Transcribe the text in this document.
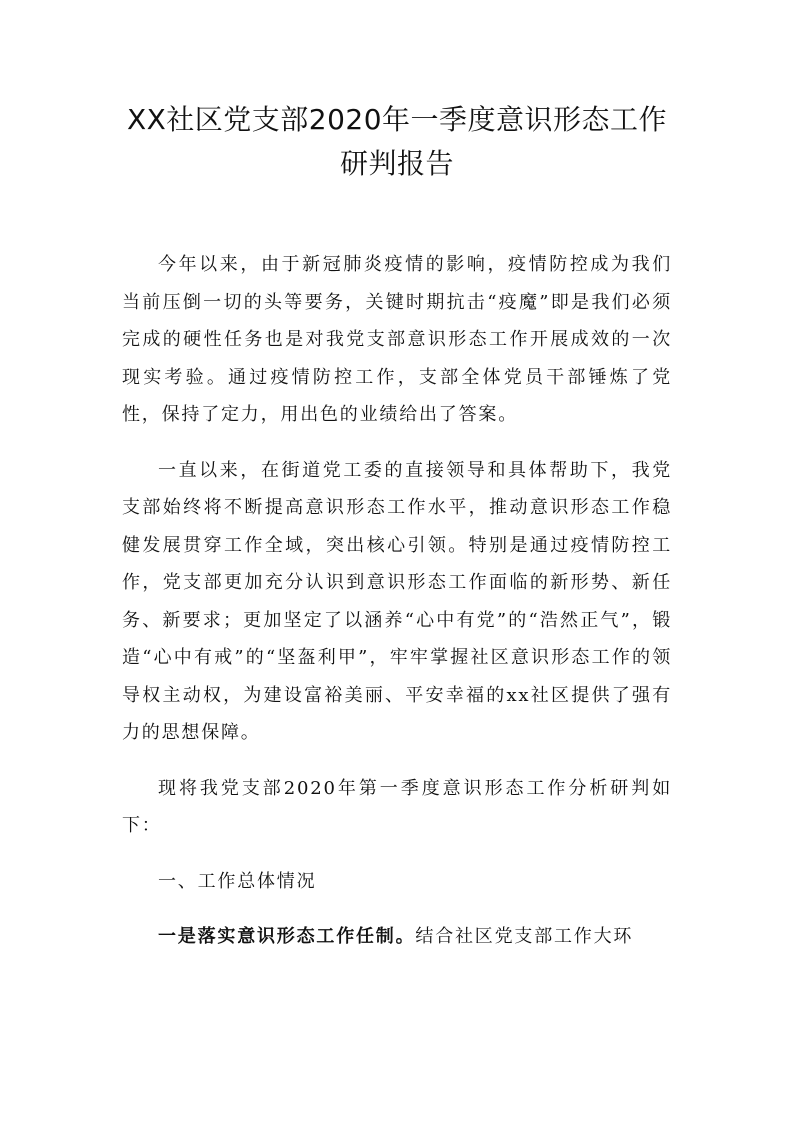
XX社区党支部2020年一季度意识形态工作
研判报告

今年以来，由于新冠肺炎疫情的影响，疫情防控成为我们当前压倒一切的头等要务，关键时期抗击“疫魔”即是我们必须完成的硬性任务也是对我党支部意识形态工作开展成效的一次现实考验。通过疫情防控工作，支部全体党员干部锤炼了党性，保持了定力，用出色的业绩给出了答案。

一直以来，在街道党工委的直接领导和具体帮助下，我党支部始终将不断提高意识形态工作水平，推动意识形态工作稳健发展贯穿工作全域，突出核心引领。特别是通过疫情防控工作，党支部更加充分认识到意识形态工作面临的新形势、新任务、新要求；更加坚定了以涵养“心中有党”的“浩然正气”，锻造“心中有戒”的“坚盔利甲”，牢牢掌握社区意识形态工作的领导权主动权，为建设富裕美丽、平安幸福的xx社区提供了强有力的思想保障。

现将我党支部2020年第一季度意识形态工作分析研判如下：

一、工作总体情况

一是落实意识形态工作任制。结合社区党支部工作大环
